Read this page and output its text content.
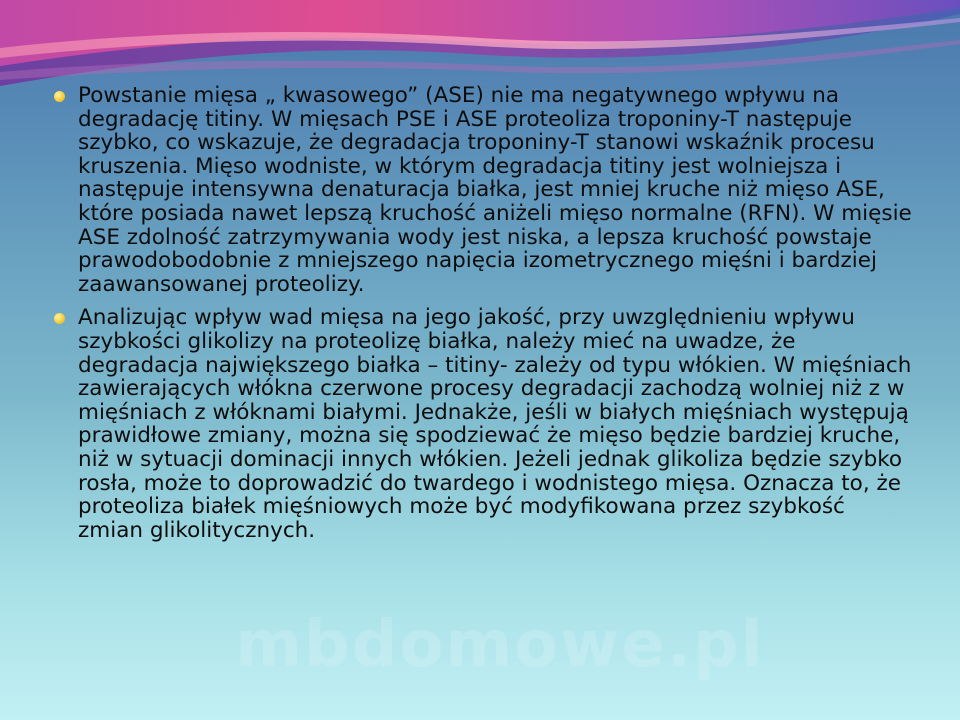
Powstanie mięsa „ kwasowego” (ASE) nie ma negatywnego wpływu na degradację titiny. W mięsach PSE i ASE proteoliza troponiny-T następuje szybko, co wskazuje, że degradacja troponiny-T stanowi wskaźnik procesu kruszenia. Mięso wodniste, w którym degradacja titiny jest wolniejsza i następuje intensywna denaturacja białka, jest mniej kruche niż mięso ASE, które posiada nawet lepszą kruchość aniżeli mięso normalne (RFN). W mięsie ASE zdolność zatrzymywania wody jest niska, a lepsza kruchość powstaje prawodobodobnie z mniejszego napięcia izometrycznego mięśni i bardziej zaawansowanej proteolizy.
Analizując wpływ wad mięsa na jego jakość, przy uwzględnieniu wpływu szybkości glikolizy na proteolizę białka, należy mieć na uwadze, że degradacja największego białka – titiny- zależy od typu włókien. W mięśniach zawierających włókna czerwone procesy degradacji zachodzą wolniej niż z w mięśniach z włóknami białymi. Jednakże, jeśli w białych mięśniach występują prawidłowe zmiany, można się spodziewać że mięso będzie bardziej kruche, niż w sytuacji dominacji innych włókien. Jeżeli jednak glikoliza będzie szybko rosła, może to doprowadzić do twardego i wodnistego mięsa. Oznacza to, że proteoliza białek mięśniowych może być modyfikowana przez szybkość zmian glikolitycznych.
mbdomowe.pl
